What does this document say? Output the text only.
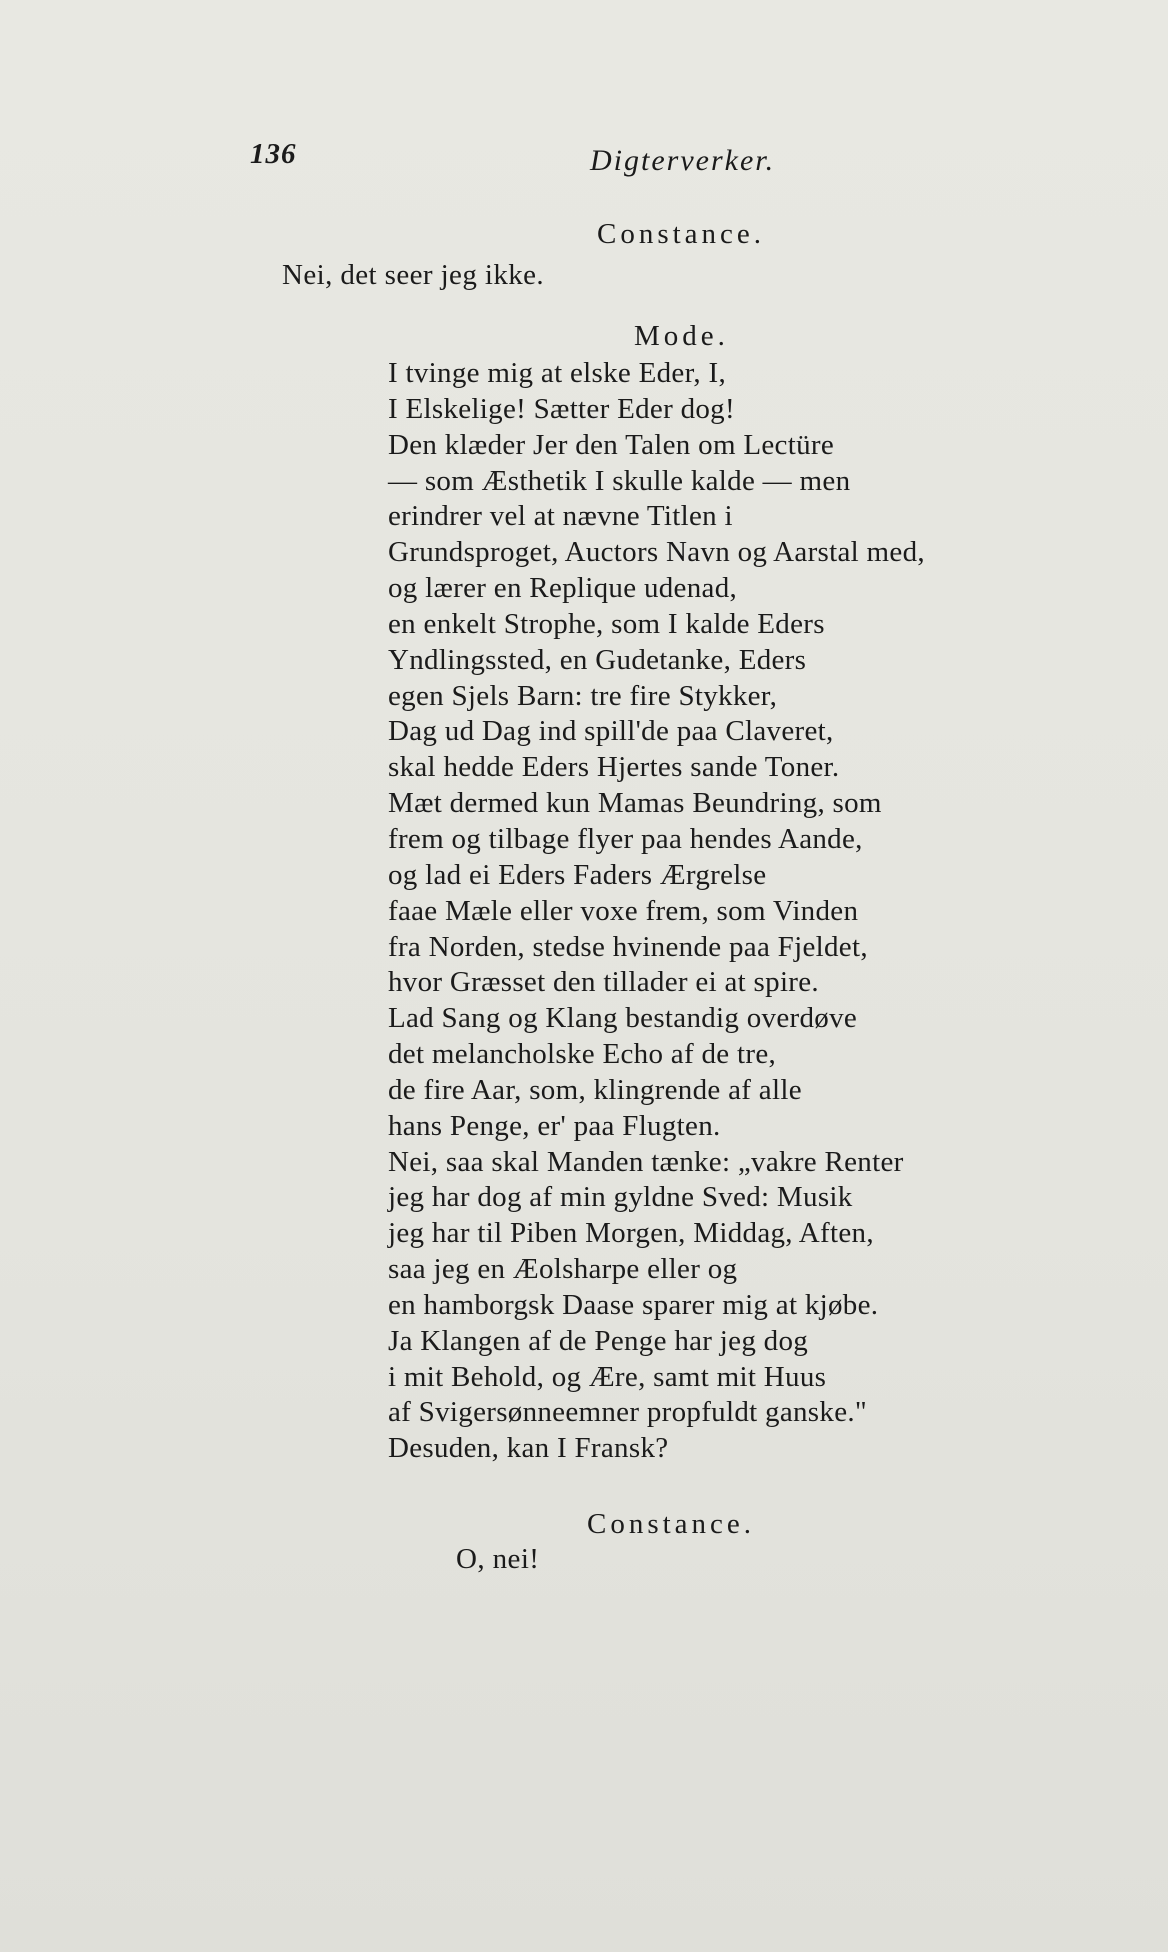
136	Digterverker.
Constance.
Nei, det seer jeg ikke.
Mode.
I tvinge mig at elske Eder, I,
I Elskelige! Sætter Eder dog!
Den klæder Jer den Talen om Lectüre
— som Æsthetik I skulle kalde — men
erindrer vel at nævne Titlen i
Grundsproget, Auctors Navn og Aarstal med,
og lærer en Replique udenad,
en enkelt Strophe, som I kalde Eders
Yndlingssted, en Gudetanke, Eders
egen Sjels Barn: tre fire Stykker,
Dag ud Dag ind spill'de paa Claveret,
skal hedde Eders Hjertes sande Toner.
Mæt dermed kun Mamas Beundring, som
frem og tilbage flyer paa hendes Aande,
og lad ei Eders Faders Ærgrelse
faae Mæle eller voxe frem, som Vinden
fra Norden, stedse hvinende paa Fjeldet,
hvor Græsset den tillader ei at spire.
Lad Sang og Klang bestandig overdøve
det melancholske Echo af de tre,
de fire Aar, som, klingrende af alle
hans Penge, er' paa Flugten.
Nei, saa skal Manden tænke: „vakre Renter
jeg har dog af min gyldne Sved: Musik
jeg har til Piben Morgen, Middag, Aften,
saa jeg en Æolsharpe eller og
en hamborgsk Daase sparer mig at kjøbe.
Ja Klangen af de Penge har jeg dog
i mit Behold, og Ære, samt mit Huus
af Svigersønneemner propfuldt ganske."
Desuden, kan I Fransk?
Constance.
O, nei!
